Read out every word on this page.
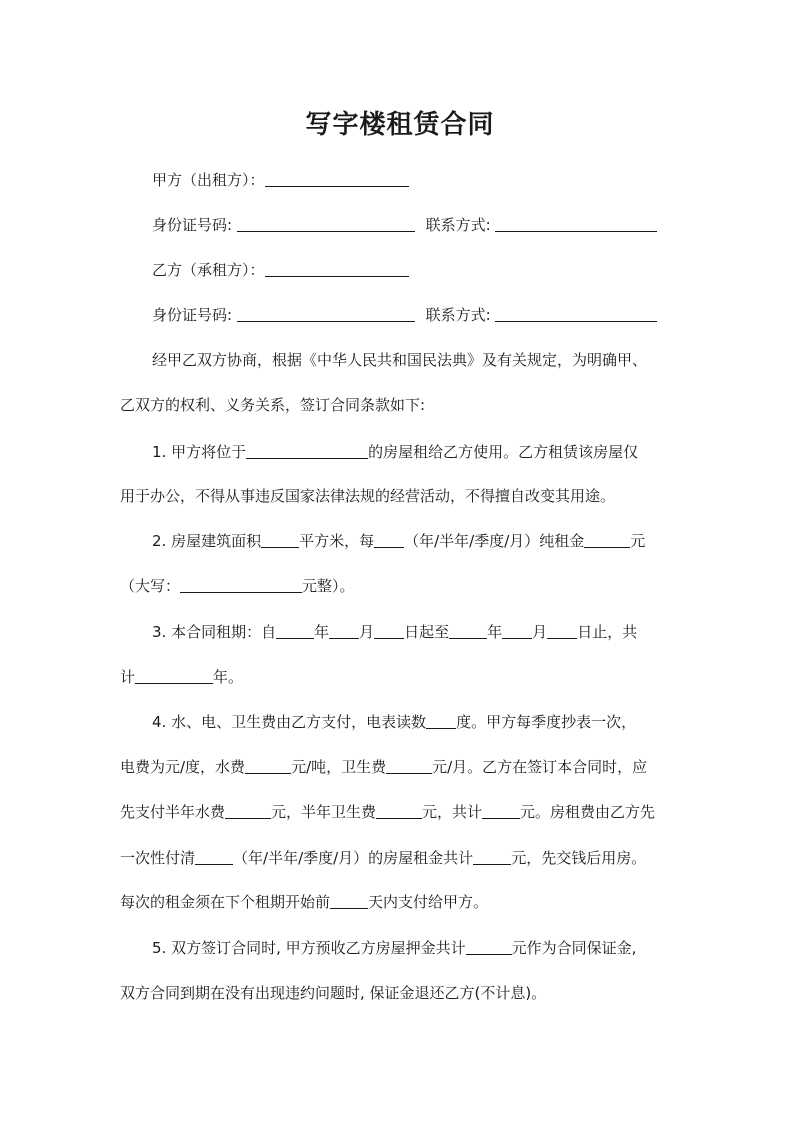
写字楼租赁合同
甲方（出租方）：
身份证号码:	联系方式:
乙方（承租方）：
身份证号码:	联系方式:
经甲乙双方协商，根据《中华人民共和国民法典》及有关规定，为明确甲、
乙双方的权利、义务关系，签订合同条款如下:
1. 甲方将位于	的房屋租给乙方使用。乙方租赁该房屋仅
用于办公，不得从事违反国家法律法规的经营活动，不得擅自改变其用途。
2. 房屋建筑面积	平方米，每 （年/半年/季度/月）纯租金	元
（大写：	元整）。
3. 本合同租期：自	年 月 日起至	年 月 日止，共
计	年。
4. 水、电、卫生费由乙方支付，电表读数 度。甲方每季度抄表一次，
电费为元/度，水费	元/吨，卫生费	元/月。乙方在签订本合同时，应
先支付半年水费	元，半年卫生费	元，共计	元。房租费由乙方先
一次性付清	（年/半年/季度/月）的房屋租金共计	元，先交钱后用房。
每次的租金须在下个租期开始前	天内支付给甲方。
5. 双方签订合同时, 甲方预收乙方房屋押金共计	元作为合同保证金,
双方合同到期在没有出现违约问题时, 保证金退还乙方(不计息)。
